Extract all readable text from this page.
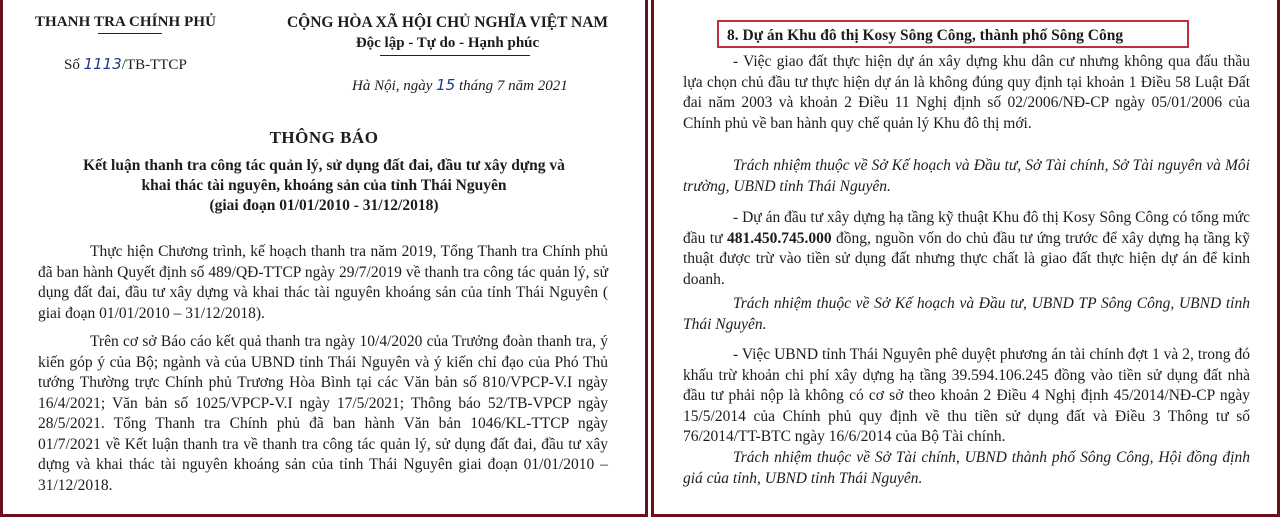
THANH TRA CHÍNH PHỦ
Số 1113/TB-TTCP
CỘNG HÒA XÃ HỘI CHỦ NGHĨA VIỆT NAM
Độc lập - Tự do - Hạnh phúc
Hà Nội, ngày 15 tháng 7 năm 2021
THÔNG BÁO
Kết luận thanh tra công tác quản lý, sử dụng đất đai, đầu tư xây dựng và
khai thác tài nguyên, khoáng sản của tỉnh Thái Nguyên
(giai đoạn 01/01/2010 - 31/12/2018)
Thực hiện Chương trình, kế hoạch thanh tra năm 2019, Tổng Thanh tra Chính phủ đã ban hành Quyết định số 489/QĐ-TTCP ngày 29/7/2019 về thanh tra công tác quản lý, sử dụng đất đai, đầu tư xây dựng và khai thác tài nguyên khoáng sản của tỉnh Thái Nguyên ( giai đoạn 01/01/2010 – 31/12/2018).
Trên cơ sở Báo cáo kết quả thanh tra ngày 10/4/2020 của Trưởng đoàn thanh tra, ý kiến góp ý của Bộ; ngành và của UBND tỉnh Thái Nguyên và ý kiến chỉ đạo của Phó Thủ tướng Thường trực Chính phủ Trương Hòa Bình tại các Văn bản số 810/VPCP-V.I ngày 16/4/2021; Văn bản số 1025/VPCP-V.I ngày 17/5/2021; Thông báo 52/TB-VPCP ngày 28/5/2021. Tổng Thanh tra Chính phủ đã ban hành Văn bản 1046/KL-TTCP ngày 01/7/2021 về Kết luận thanh tra về thanh tra công tác quản lý, sử dụng đất đai, đầu tư xây dựng và khai thác tài nguyên khoáng sản của tỉnh Thái Nguyên giai đoạn 01/01/2010 – 31/12/2018.
8. Dự án Khu đô thị Kosy Sông Công, thành phố Sông Công
- Việc giao đất thực hiện dự án xây dựng khu dân cư nhưng không qua đấu thầu lựa chọn chủ đầu tư thực hiện dự án là không đúng quy định tại khoản 1 Điều 58 Luật Đất đai năm 2003 và khoản 2 Điều 11 Nghị định số 02/2006/NĐ-CP ngày 05/01/2006 của Chính phủ về ban hành quy chế quản lý Khu đô thị mới.
Trách nhiệm thuộc về Sở Kế hoạch và Đầu tư, Sở Tài chính, Sở Tài nguyên và Môi trường, UBND tỉnh Thái Nguyên.
- Dự án đầu tư xây dựng hạ tầng kỹ thuật Khu đô thị Kosy Sông Công có tổng mức đầu tư 481.450.745.000 đồng, nguồn vốn do chủ đầu tư ứng trước để xây dựng hạ tầng kỹ thuật được trừ vào tiền sử dụng đất nhưng thực chất là giao đất thực hiện dự án để kinh doanh.
Trách nhiệm thuộc về Sở Kế hoạch và Đầu tư, UBND TP Sông Công, UBND tỉnh Thái Nguyên.
- Việc UBND tỉnh Thái Nguyên phê duyệt phương án tài chính đợt 1 và 2, trong đó khấu trừ khoản chi phí xây dựng hạ tầng 39.594.106.245 đồng vào tiền sử dụng đất nhà đầu tư phải nộp là không có cơ sở theo khoản 2 Điều 4 Nghị định 45/2014/NĐ-CP ngày 15/5/2014 của Chính phủ quy định về thu tiền sử dụng đất và Điều 3 Thông tư số 76/2014/TT-BTC ngày 16/6/2014 của Bộ Tài chính.
Trách nhiệm thuộc về Sở Tài chính, UBND thành phố Sông Công, Hội đồng định giá của tỉnh, UBND tỉnh Thái Nguyên.
